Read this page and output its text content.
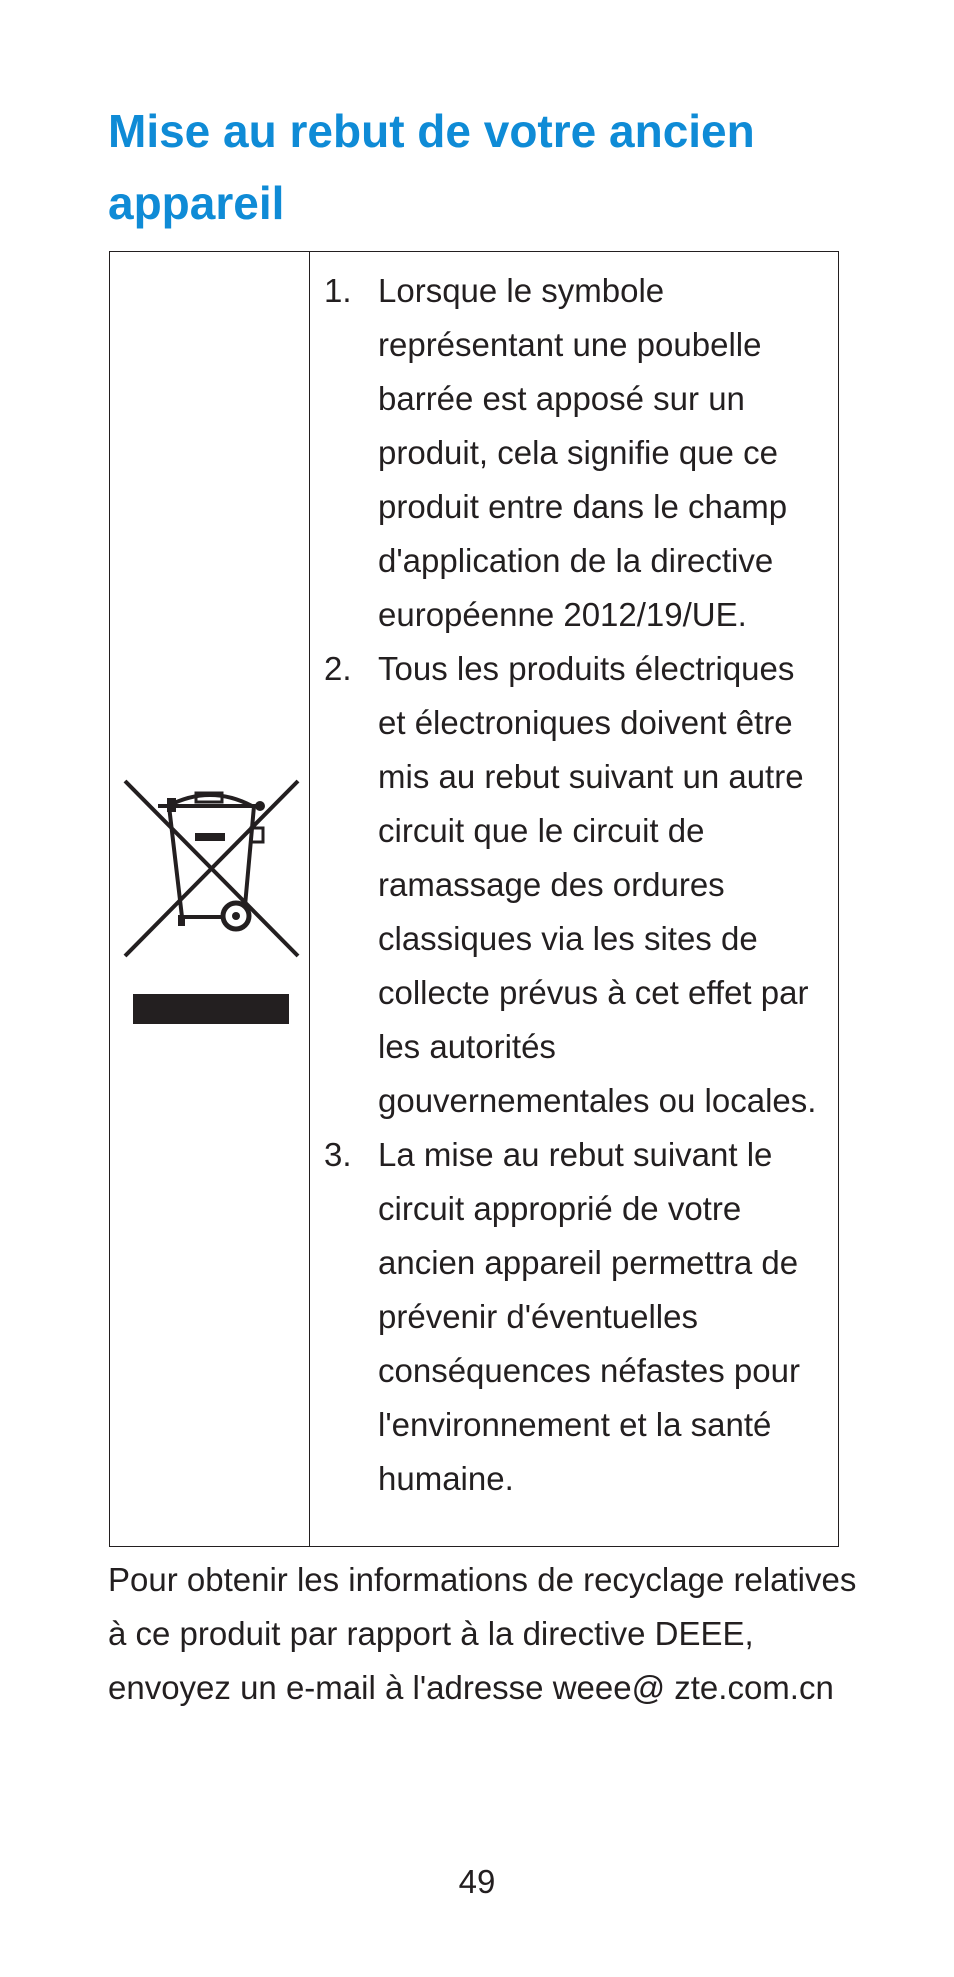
Mise au rebut de votre ancien appareil
1. Lorsque le symbole représentant une poubelle barrée est apposé sur un produit, cela signifie que ce produit entre dans le champ d'application de la directive européenne 2012/19/UE.
2. Tous les produits électriques et électroniques doivent être mis au rebut suivant un autre circuit que le circuit de ramassage des ordures classiques via les sites de collecte prévus à cet effet par les autorités gouvernementales ou locales.
3. La mise au rebut suivant le circuit approprié de votre ancien appareil permettra de prévenir d'éventuelles conséquences néfastes pour l'environnement et la santé humaine.

Pour obtenir les informations de recyclage relatives à ce produit par rapport à la directive DEEE, envoyez un e-mail à l'adresse weee@ zte.com.cn

49
